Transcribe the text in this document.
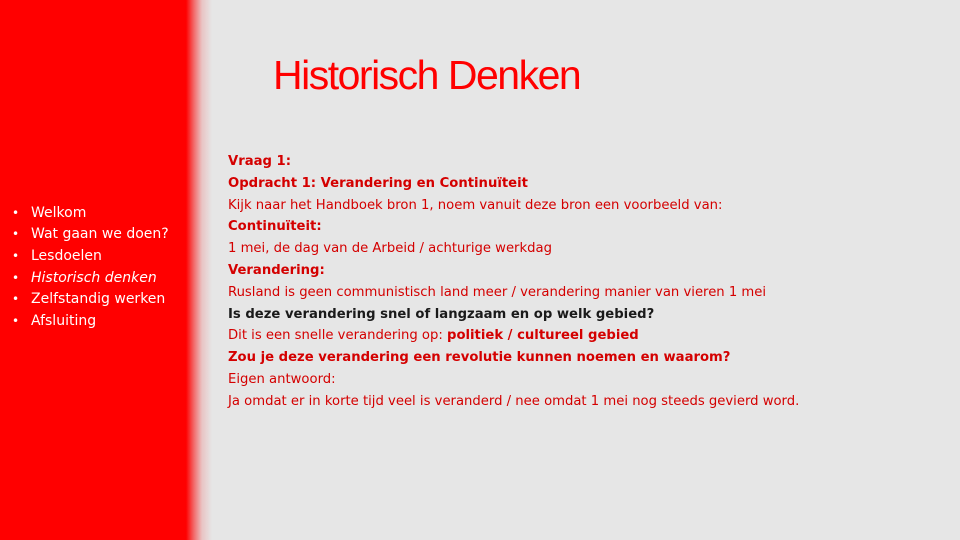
• Welkom
• Wat gaan we doen?
• Lesdoelen
• Historisch denken
• Zelfstandig werken
• Afsluiting
Historisch Denken
Vraag 1:
Opdracht 1: Verandering en Continuïteit
Kijk naar het Handboek bron 1, noem vanuit deze bron een voorbeeld van:
Continuïteit:
1 mei, de dag van de Arbeid / achturige werkdag
Verandering:
Rusland is geen communistisch land meer / verandering manier van vieren 1 mei
Is deze verandering snel of langzaam en op welk gebied?
Dit is een snelle verandering op: politiek / cultureel gebied
Zou je deze verandering een revolutie kunnen noemen en waarom?
Eigen antwoord:
Ja omdat er in korte tijd veel is veranderd / nee omdat 1 mei nog steeds gevierd word.
